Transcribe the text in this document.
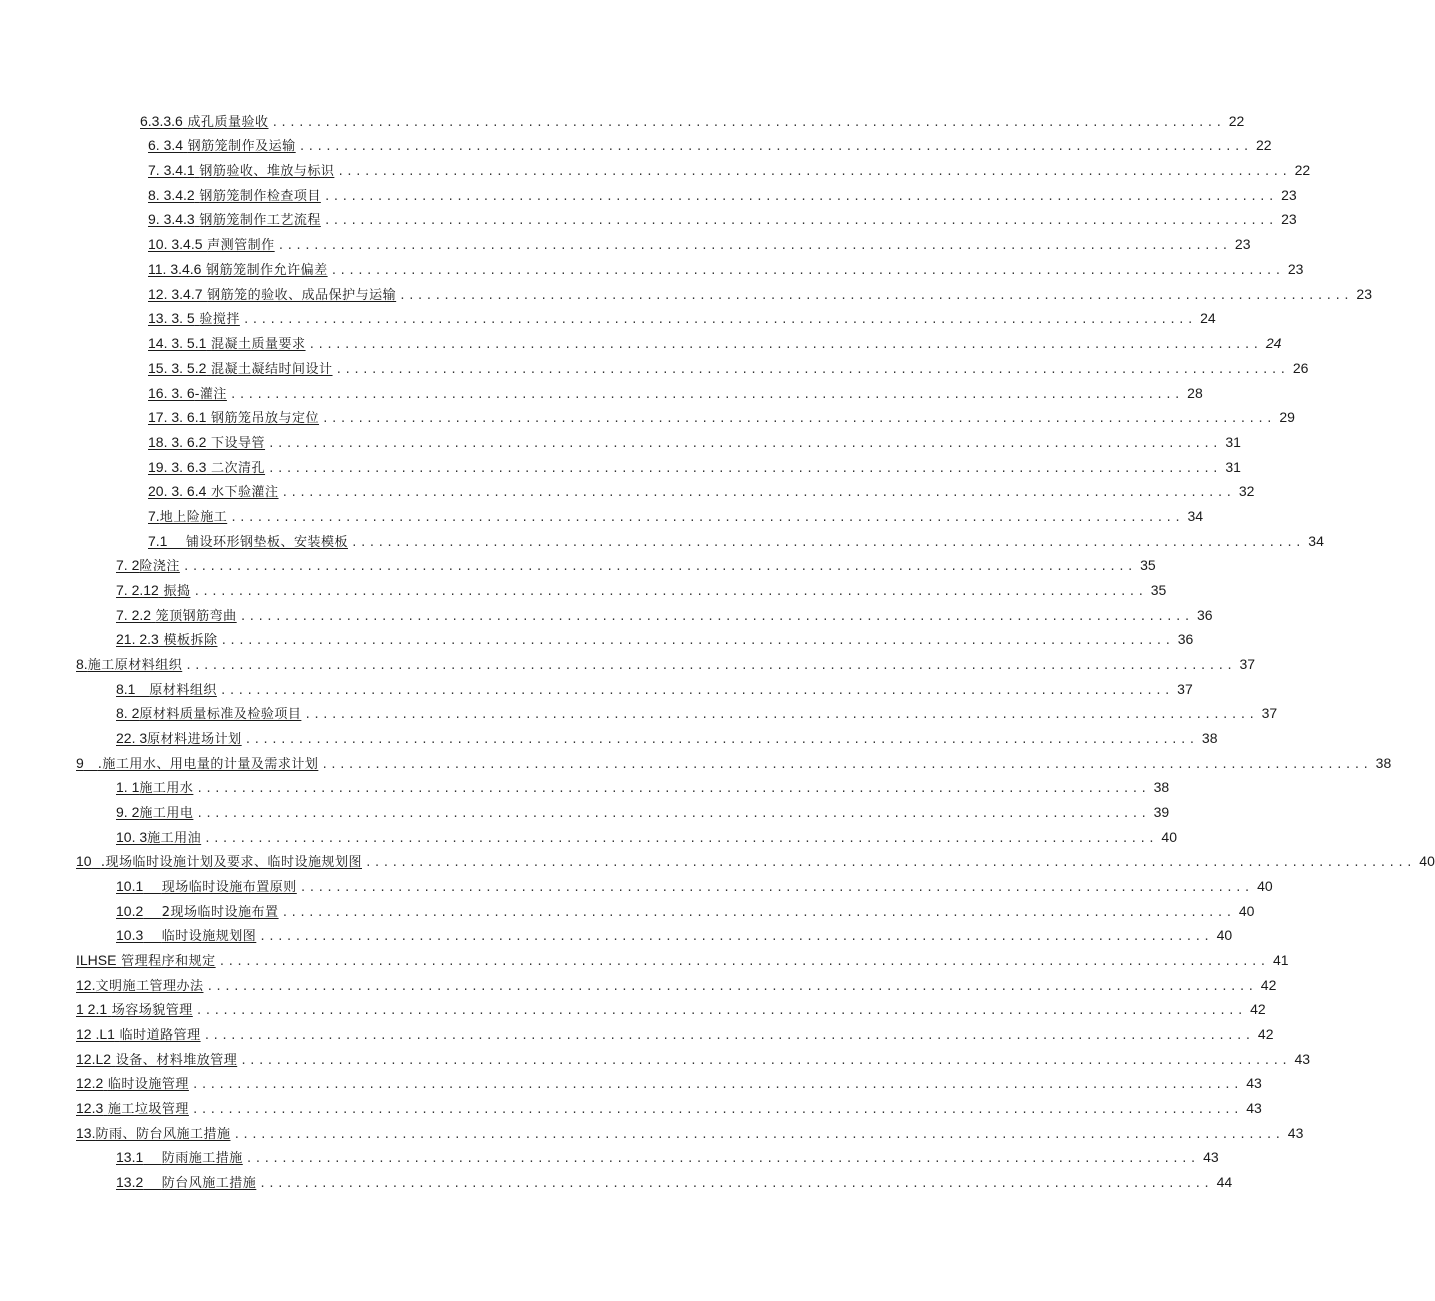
6.3.3.6 成孔质量验收 ............................................................................................................ 22
6. 3.4 钢筋笼制作及运输 ............................................................................................................ 22
7. 3.4.1 钢筋验收、堆放与标识 ............................................................................................................ 22
8. 3.4.2 钢筋笼制作检查项目 ............................................................................................................ 23
9. 3.4.3 钢筋笼制作工艺流程 ............................................................................................................ 23
10. 3.4.5 声测管制作 ............................................................................................................ 23
11. 3.4.6 钢筋笼制作允许偏差 ............................................................................................................ 23
12. 3.4.7 钢筋笼的验收、成品保护与运输 ............................................................................................................ 23
13. 3. 5 验搅拌 ............................................................................................................ 24
14. 3. 5.1 混凝土质量要求 ............................................................................................................ 24
15. 3. 5.2 混凝土凝结时间设计 ............................................................................................................ 26
16. 3. 6-灌注 ............................................................................................................ 28
17. 3. 6.1 钢筋笼吊放与定位 ............................................................................................................ 29
18. 3. 6.2 下设导管 ............................................................................................................ 31
19. 3. 6.3 二次清孔 ............................................................................................................ 31
20. 3. 6.4 水下验灌注 ............................................................................................................ 32
7.地上险施工 ............................................................................................................ 34
7.1 铺设环形钢垫板、安装模板 ............................................................................................................ 34
7. 2险浇注 ............................................................................................................ 35
7. 2.12 振捣 ............................................................................................................ 35
7. 2.2 笼顶钢筋弯曲 ............................................................................................................ 36
21. 2.3 模板拆除 ............................................................................................................ 36
8.施工原材料组织 ....................................................................................................................... 37
8.1 原材料组织 ............................................................................................................ 37
8. 2原材料质量标准及检验项目 ............................................................................................................ 37
22. 3原材料进场计划 ............................................................................................................ 38
9 .施工用水、用电量的计量及需求计划 ....................................................................................................................... 38
1. 1施工用水 ............................................................................................................ 38
9. 2施工用电 ............................................................................................................ 39
10. 3施工用油 ............................................................................................................ 40
10 .现场临时设施计划及要求、临时设施规划图 ....................................................................................................................... 40
10.1 现场临时设施布置原则 ............................................................................................................ 40
10.2 2现场临时设施布置 ............................................................................................................ 40
10.3 临时设施规划图 ............................................................................................................ 40
ILHSE 管理程序和规定 ....................................................................................................................... 41
12.文明施工管理办法 ....................................................................................................................... 42
1 2.1 场容场貌管理 ....................................................................................................................... 42
12 .L1 临时道路管理 ....................................................................................................................... 42
12.L2 设备、材料堆放管理 ....................................................................................................................... 43
12.2 临时设施管理 ....................................................................................................................... 43
12.3 施工垃圾管理 ....................................................................................................................... 43
13.防雨、防台风施工措施 ....................................................................................................................... 43
13.1 防雨施工措施 ............................................................................................................ 43
13.2 防台风施工措施 ............................................................................................................ 44
